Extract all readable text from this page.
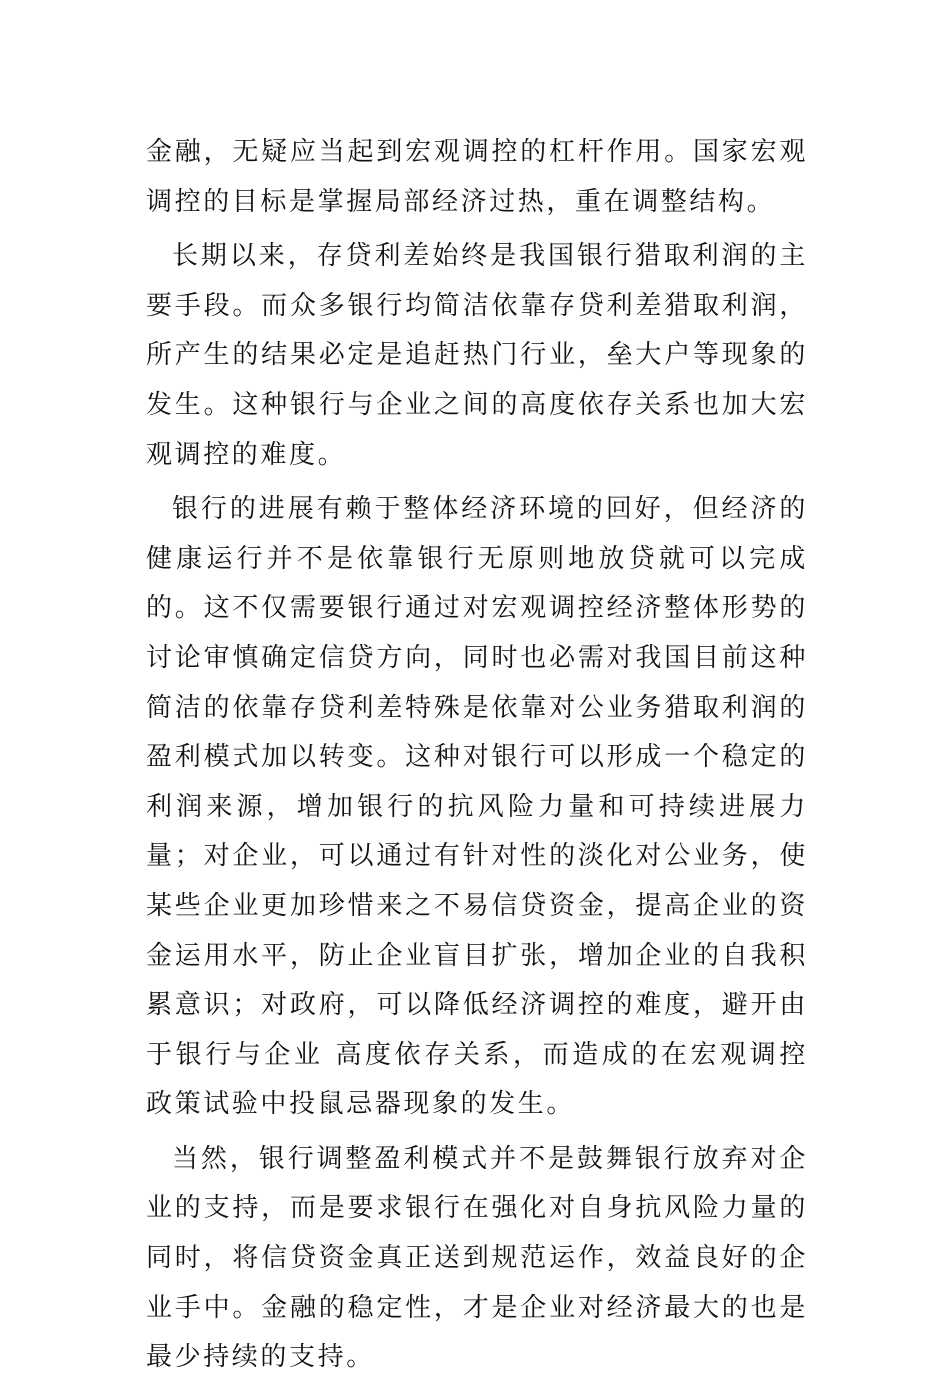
金融，无疑应当起到宏观调控的杠杆作用。国家宏观调控的目标是掌握局部经济过热，重在调整结构。

长期以来，存贷利差始终是我国银行猎取利润的主要手段。而众多银行均简洁依靠存贷利差猎取利润，所产生的结果必定是追赶热门行业，垒大户等现象的发生。这种银行与企业之间的高度依存关系也加大宏观调控的难度。

银行的进展有赖于整体经济环境的回好，但经济的健康运行并不是依靠银行无原则地放贷就可以完成的。这不仅需要银行通过对宏观调控经济整体形势的讨论审慎确定信贷方向，同时也必需对我国目前这种简洁的依靠存贷利差特殊是依靠对公业务猎取利润的盈利模式加以转变。这种对银行可以形成一个稳定的利润来源，增加银行的抗风险力量和可持续进展力量；对企业，可以通过有针对性的淡化对公业务，使某些企业更加珍惜来之不易信贷资金，提高企业的资金运用水平，防止企业盲目扩张，增加企业的自我积累意识；对政府，可以降低经济调控的难度，避开由于银行与企业 高度依存关系，而造成的在宏观调控政策试验中投鼠忌器现象的发生。

当然，银行调整盈利模式并不是鼓舞银行放弃对企业的支持，而是要求银行在强化对自身抗风险力量的同时，将信贷资金真正送到规范运作，效益良好的企业手中。金融的稳定性，才是企业对经济最大的也是最少持续的支持。
